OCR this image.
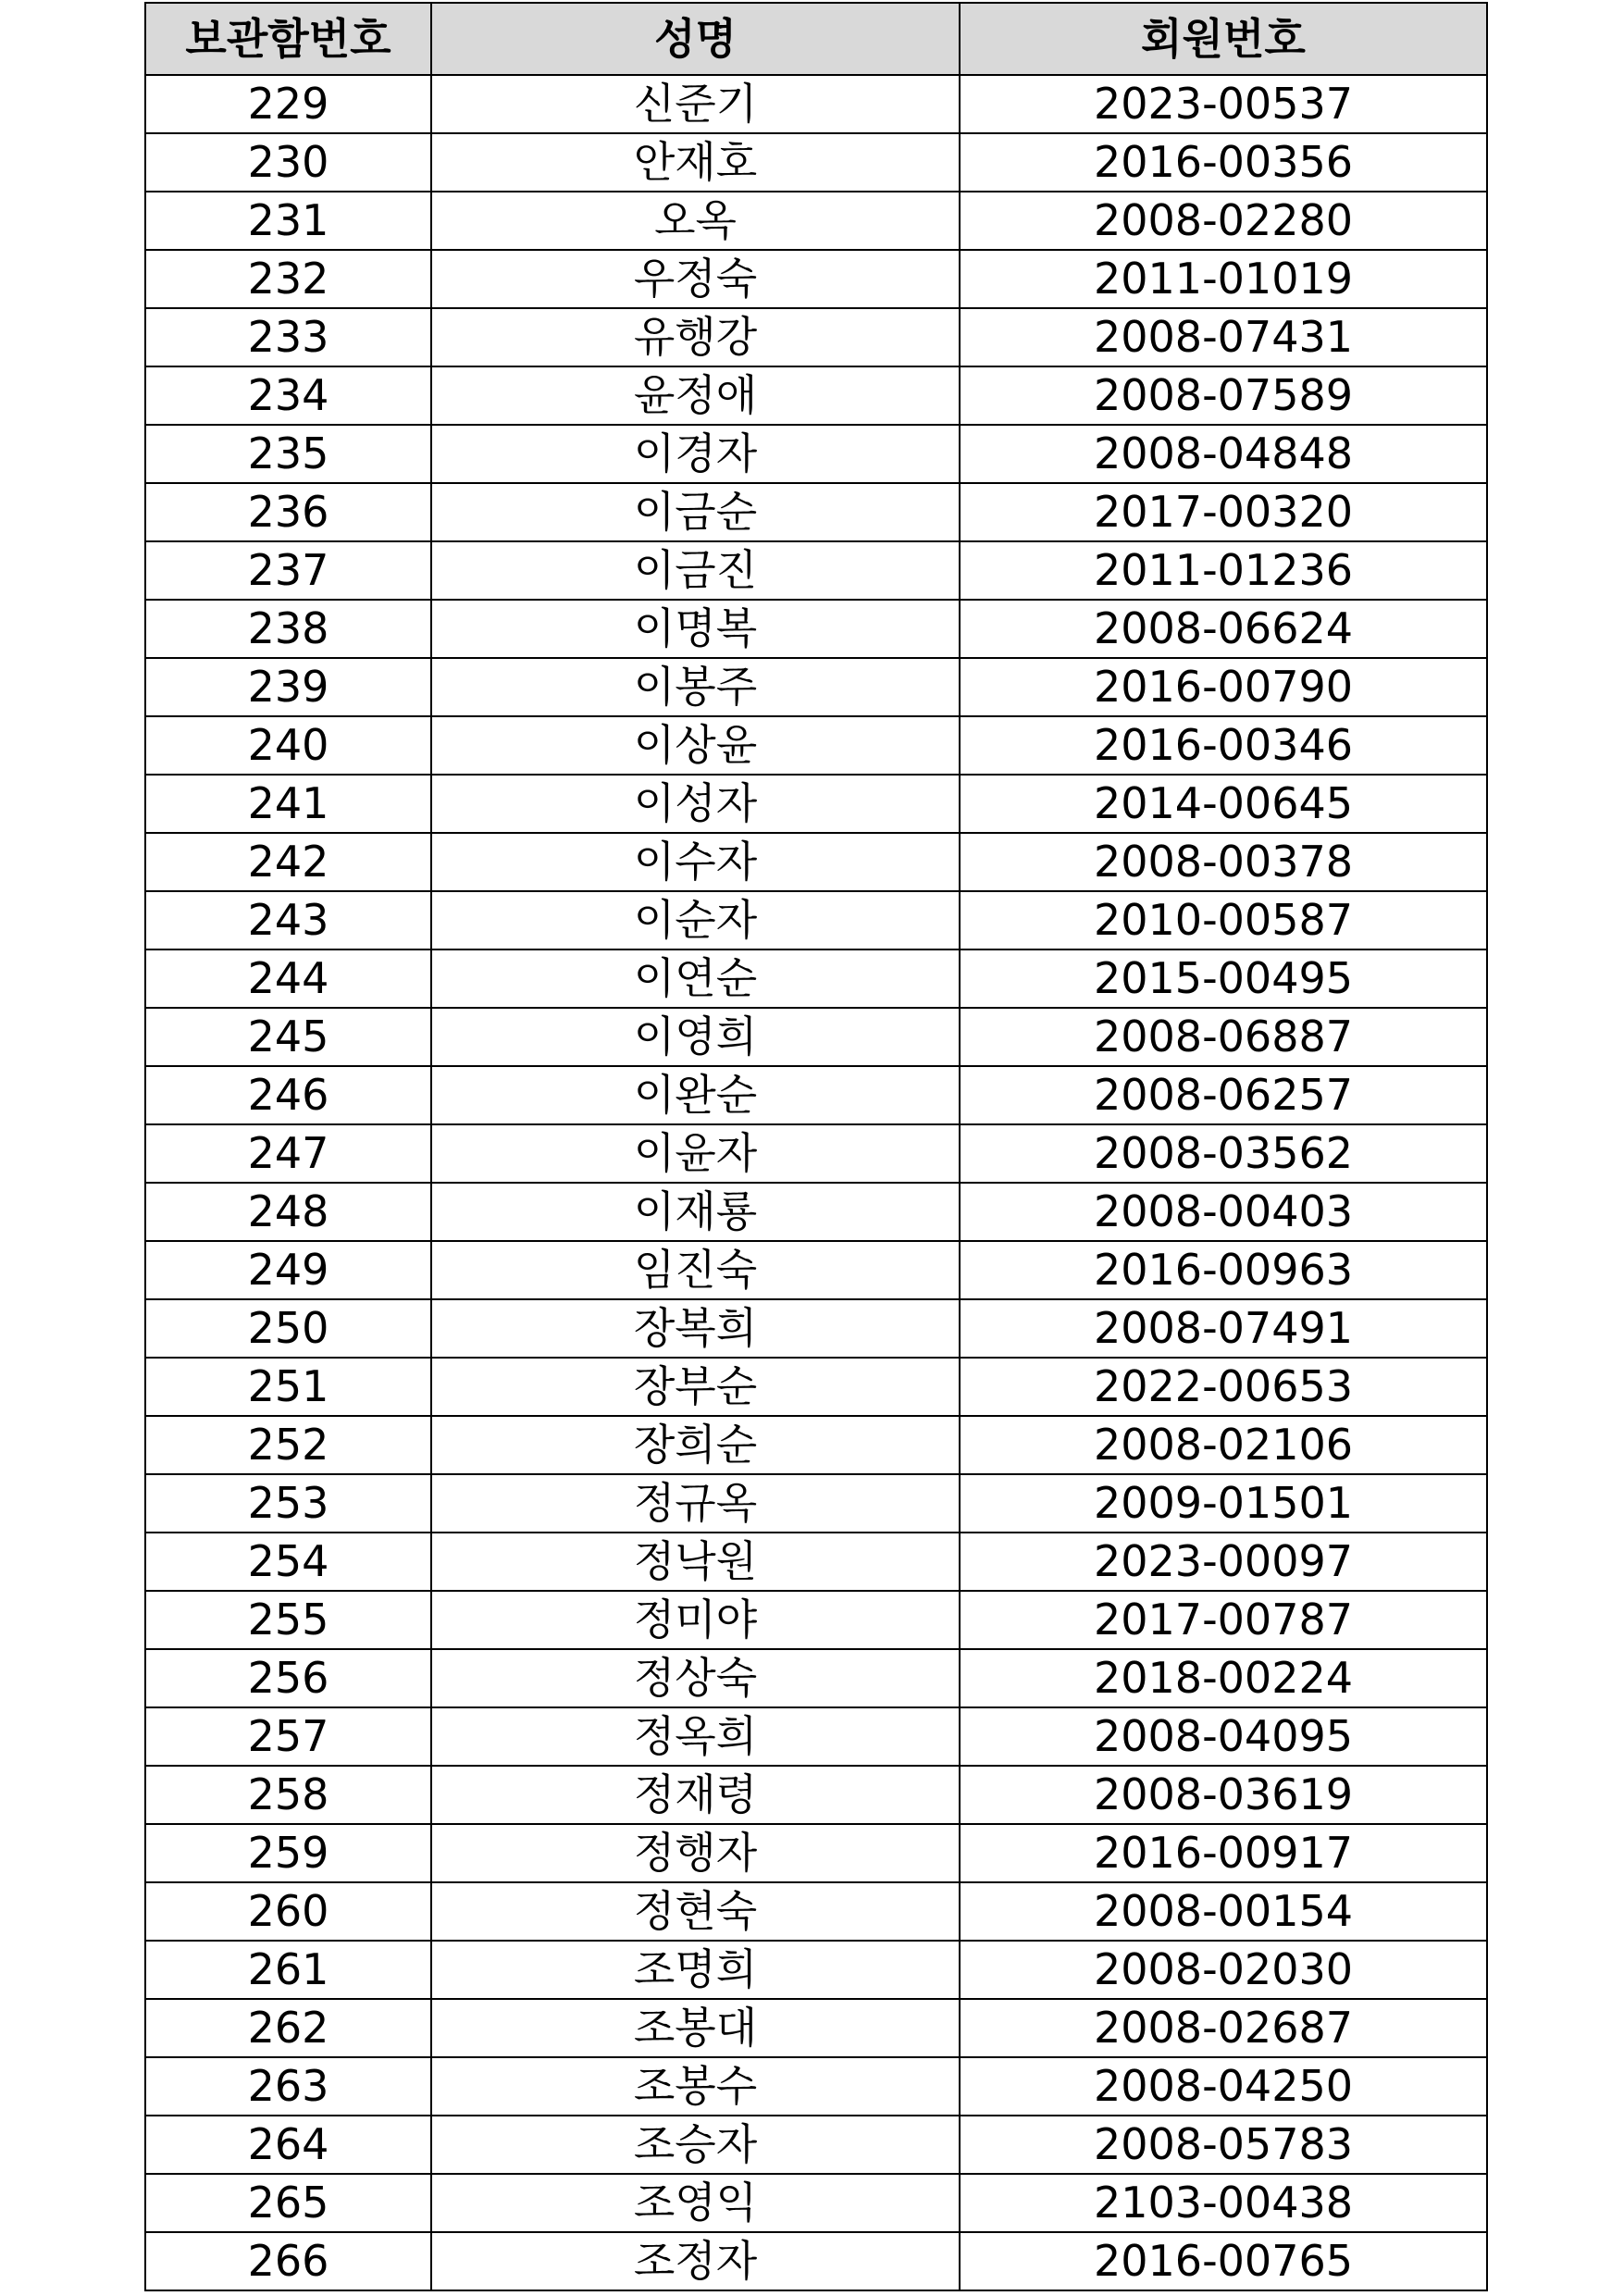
보관함번호	성명	회원번호
229	신준기	2023-00537
230	안재호	2016-00356
231	오옥	2008-02280
232	우정숙	2011-01019
233	유행강	2008-07431
234	윤정애	2008-07589
235	이경자	2008-04848
236	이금순	2017-00320
237	이금진	2011-01236
238	이명복	2008-06624
239	이봉주	2016-00790
240	이상윤	2016-00346
241	이성자	2014-00645
242	이수자	2008-00378
243	이순자	2010-00587
244	이연순	2015-00495
245	이영희	2008-06887
246	이완순	2008-06257
247	이윤자	2008-03562
248	이재룡	2008-00403
249	임진숙	2016-00963
250	장복희	2008-07491
251	장부순	2022-00653
252	장희순	2008-02106
253	정규옥	2009-01501
254	정낙원	2023-00097
255	정미야	2017-00787
256	정상숙	2018-00224
257	정옥희	2008-04095
258	정재령	2008-03619
259	정행자	2016-00917
260	정현숙	2008-00154
261	조명희	2008-02030
262	조봉대	2008-02687
263	조봉수	2008-04250
264	조승자	2008-05783
265	조영익	2103-00438
266	조정자	2016-00765
